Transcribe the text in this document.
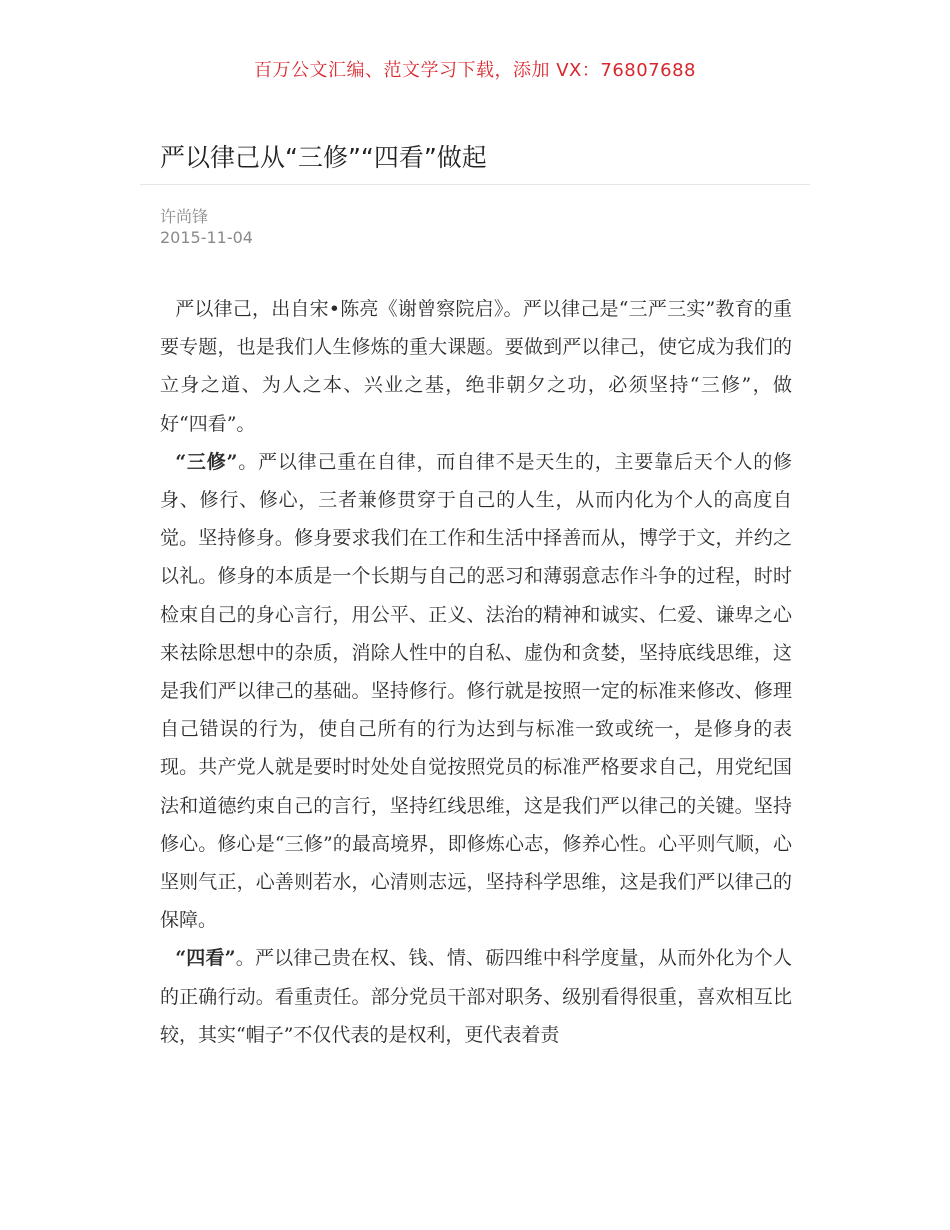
百万公文汇编、范文学习下载，添加 VX：76807688
严以律己从“三修”“四看”做起
许尚锋
2015-11-04

严以律己，出自宋•陈亮《谢曾察院启》。严以律己是“三严三实”教育的重要专题，也是我们人生修炼的重大课题。要做到严以律己，使它成为我们的立身之道、为人之本、兴业之基，绝非朝夕之功，必须坚持“三修”，做好“四看”。

“三修”。严以律己重在自律，而自律不是天生的，主要靠后天个人的修身、修行、修心，三者兼修贯穿于自己的人生，从而内化为个人的高度自觉。坚持修身。修身要求我们在工作和生活中择善而从，博学于文，并约之以礼。修身的本质是一个长期与自己的恶习和薄弱意志作斗争的过程，时时检束自己的身心言行，用公平、正义、法治的精神和诚实、仁爱、谦卑之心来祛除思想中的杂质，消除人性中的自私、虚伪和贪婪，坚持底线思维，这是我们严以律己的基础。坚持修行。修行就是按照一定的标准来修改、修理自己错误的行为，使自己所有的行为达到与标准一致或统一，是修身的表现。共产党人就是要时时处处自觉按照党员的标准严格要求自己，用党纪国法和道德约束自己的言行，坚持红线思维，这是我们严以律己的关键。坚持修心。修心是“三修”的最高境界，即修炼心志，修养心性。心平则气顺，心坚则气正，心善则若水，心清则志远，坚持科学思维，这是我们严以律己的保障。

“四看”。严以律己贵在权、钱、情、砺四维中科学度量，从而外化为个人的正确行动。看重责任。部分党员干部对职务、级别看得很重，喜欢相互比较，其实“帽子”不仅代表的是权利，更代表着责
